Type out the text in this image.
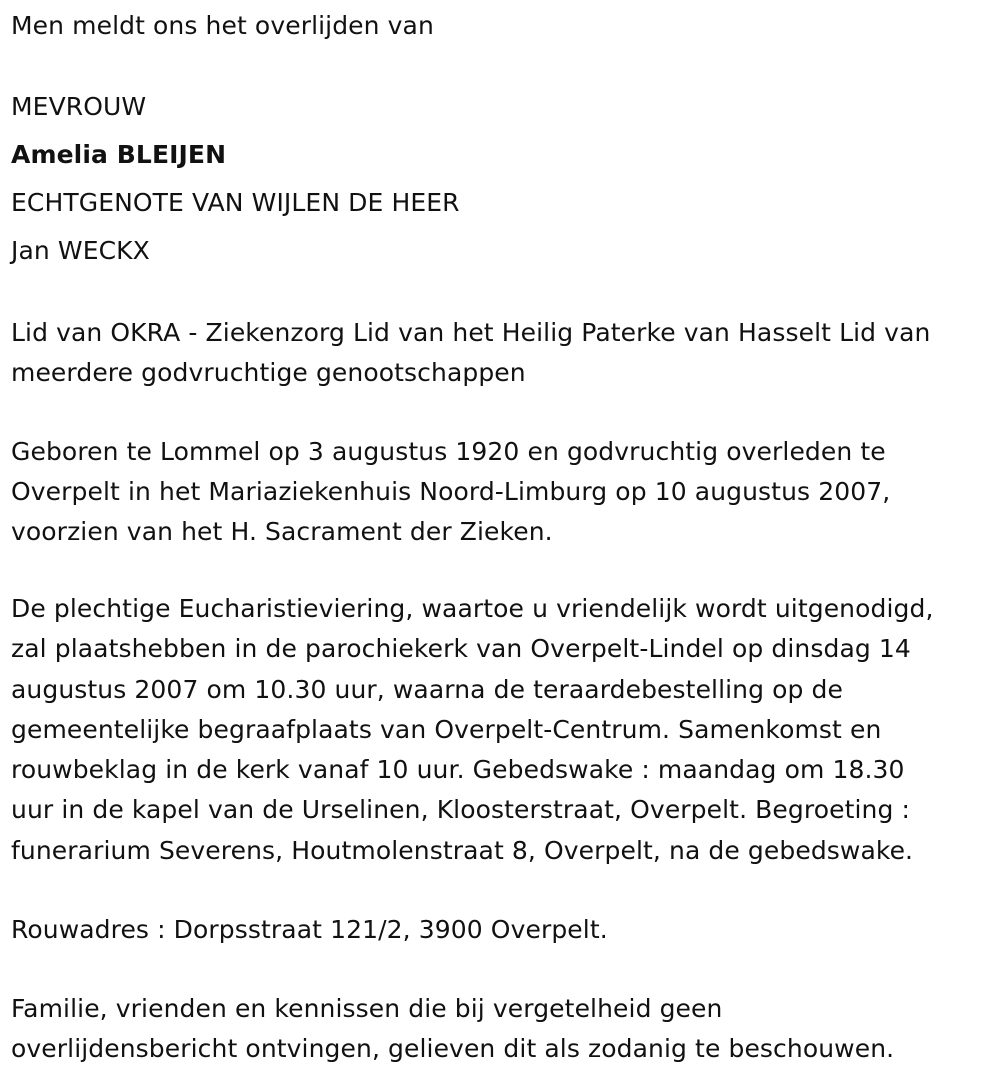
Men meldt ons het overlijden van

MEVROUW

Amelia BLEIJEN

ECHTGENOTE VAN WIJLEN DE HEER

Jan WECKX

Lid van OKRA - Ziekenzorg Lid van het Heilig Paterke van Hasselt Lid van

meerdere godvruchtige genootschappen

Geboren te Lommel op 3 augustus 1920 en godvruchtig overleden te

Overpelt in het Mariaziekenhuis Noord-Limburg op 10 augustus 2007,

voorzien van het H. Sacrament der Zieken.

De plechtige Eucharistieviering, waartoe u vriendelijk wordt uitgenodigd,

zal plaatshebben in de parochiekerk van Overpelt-Lindel op dinsdag 14

augustus 2007 om 10.30 uur, waarna de teraardebestelling op de

gemeentelijke begraafplaats van Overpelt-Centrum. Samenkomst en

rouwbeklag in de kerk vanaf 10 uur. Gebedswake : maandag om 18.30

uur in de kapel van de Urselinen, Kloosterstraat, Overpelt. Begroeting :

funerarium Severens, Houtmolenstraat 8, Overpelt, na de gebedswake.

Rouwadres : Dorpsstraat 121/2, 3900 Overpelt.

Familie, vrienden en kennissen die bij vergetelheid geen

overlijdensbericht ontvingen, gelieven dit als zodanig te beschouwen.
